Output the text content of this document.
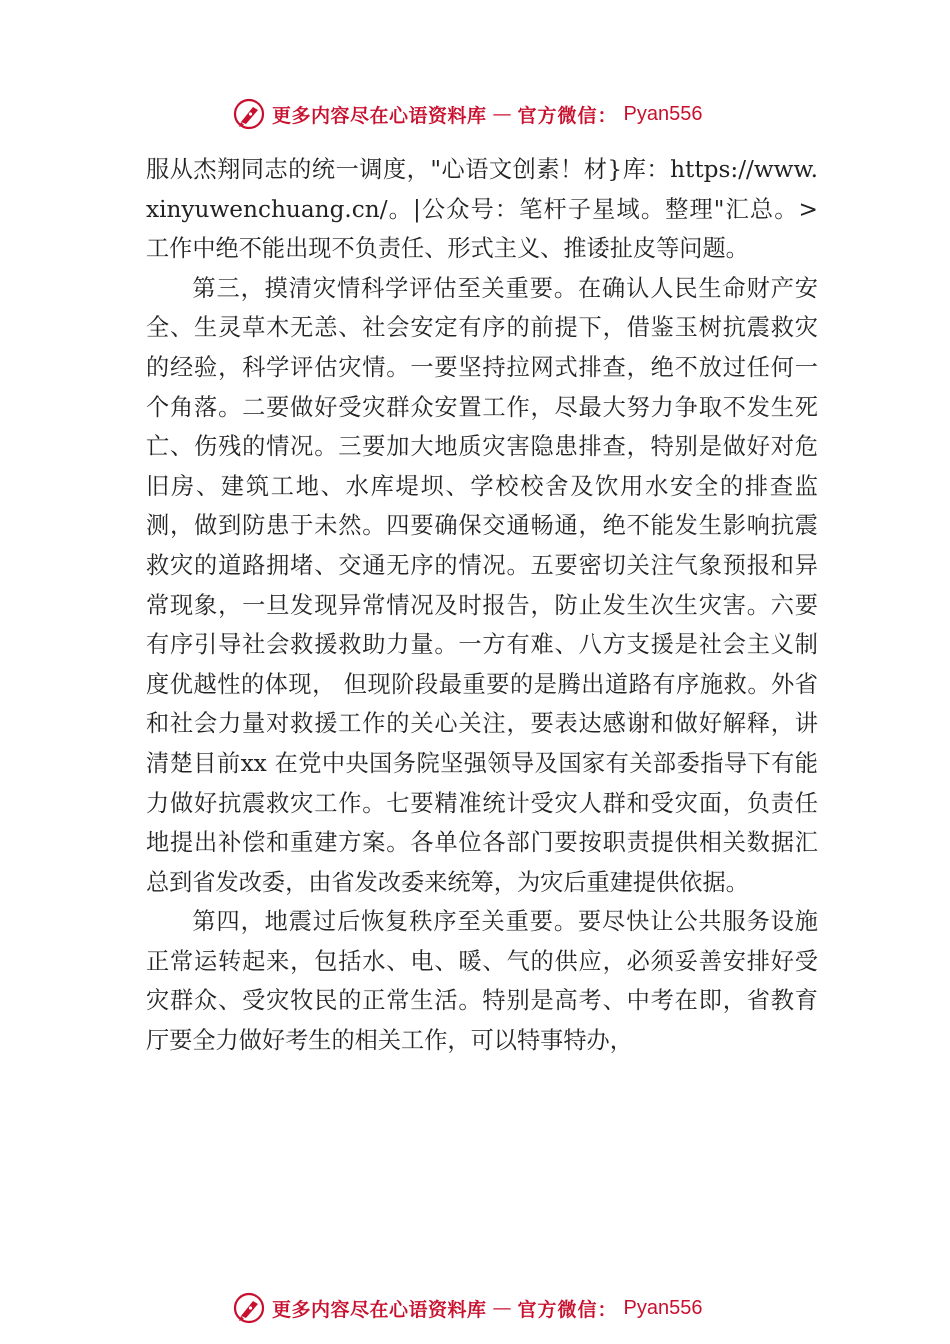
更多内容尽在心语资料库 — 官方微信： Pyan556

服从杰翔同志的统一调度，"心语文创素！材}库：https://www.xinyuwenchuang.cn/。|公众号：笔杆子星域。整理"汇总。>工作中绝不能出现不负责任、形式主义、推诿扯皮等问题。

第三，摸清灾情科学评估至关重要。在确认人民生命财产安全、生灵草木无恙、社会安定有序的前提下，借鉴玉树抗震救灾的经验，科学评估灾情。一要坚持拉网式排查，绝不放过任何一个角落。二要做好受灾群众安置工作，尽最大努力争取不发生死亡、伤残的情况。三要加大地质灾害隐患排查，特别是做好对危旧房、建筑工地、水库堤坝、学校校舍及饮用水安全的排查监测，做到防患于未然。四要确保交通畅通，绝不能发生影响抗震救灾的道路拥堵、交通无序的情况。五要密切关注气象预报和异常现象，一旦发现异常情况及时报告，防止发生次生灾害。六要有序引导社会救援救助力量。一方有难、八方支援是社会主义制度优越性的体现， 但现阶段最重要的是腾出道路有序施救。外省和社会力量对救援工作的关心关注，要表达感谢和做好解释，讲清楚目前xx 在党中央国务院坚强领导及国家有关部委指导下有能力做好抗震救灾工作。七要精准统计受灾人群和受灾面，负责任地提出补偿和重建方案。各单位各部门要按职责提供相关数据汇总到省发改委，由省发改委来统筹，为灾后重建提供依据。

第四，地震过后恢复秩序至关重要。要尽快让公共服务设施正常运转起来，包括水、电、暖、气的供应，必须妥善安排好受灾群众、受灾牧民的正常生活。特别是高考、中考在即，省教育厅要全力做好考生的相关工作，可以特事特办，

更多内容尽在心语资料库 — 官方微信： Pyan556
